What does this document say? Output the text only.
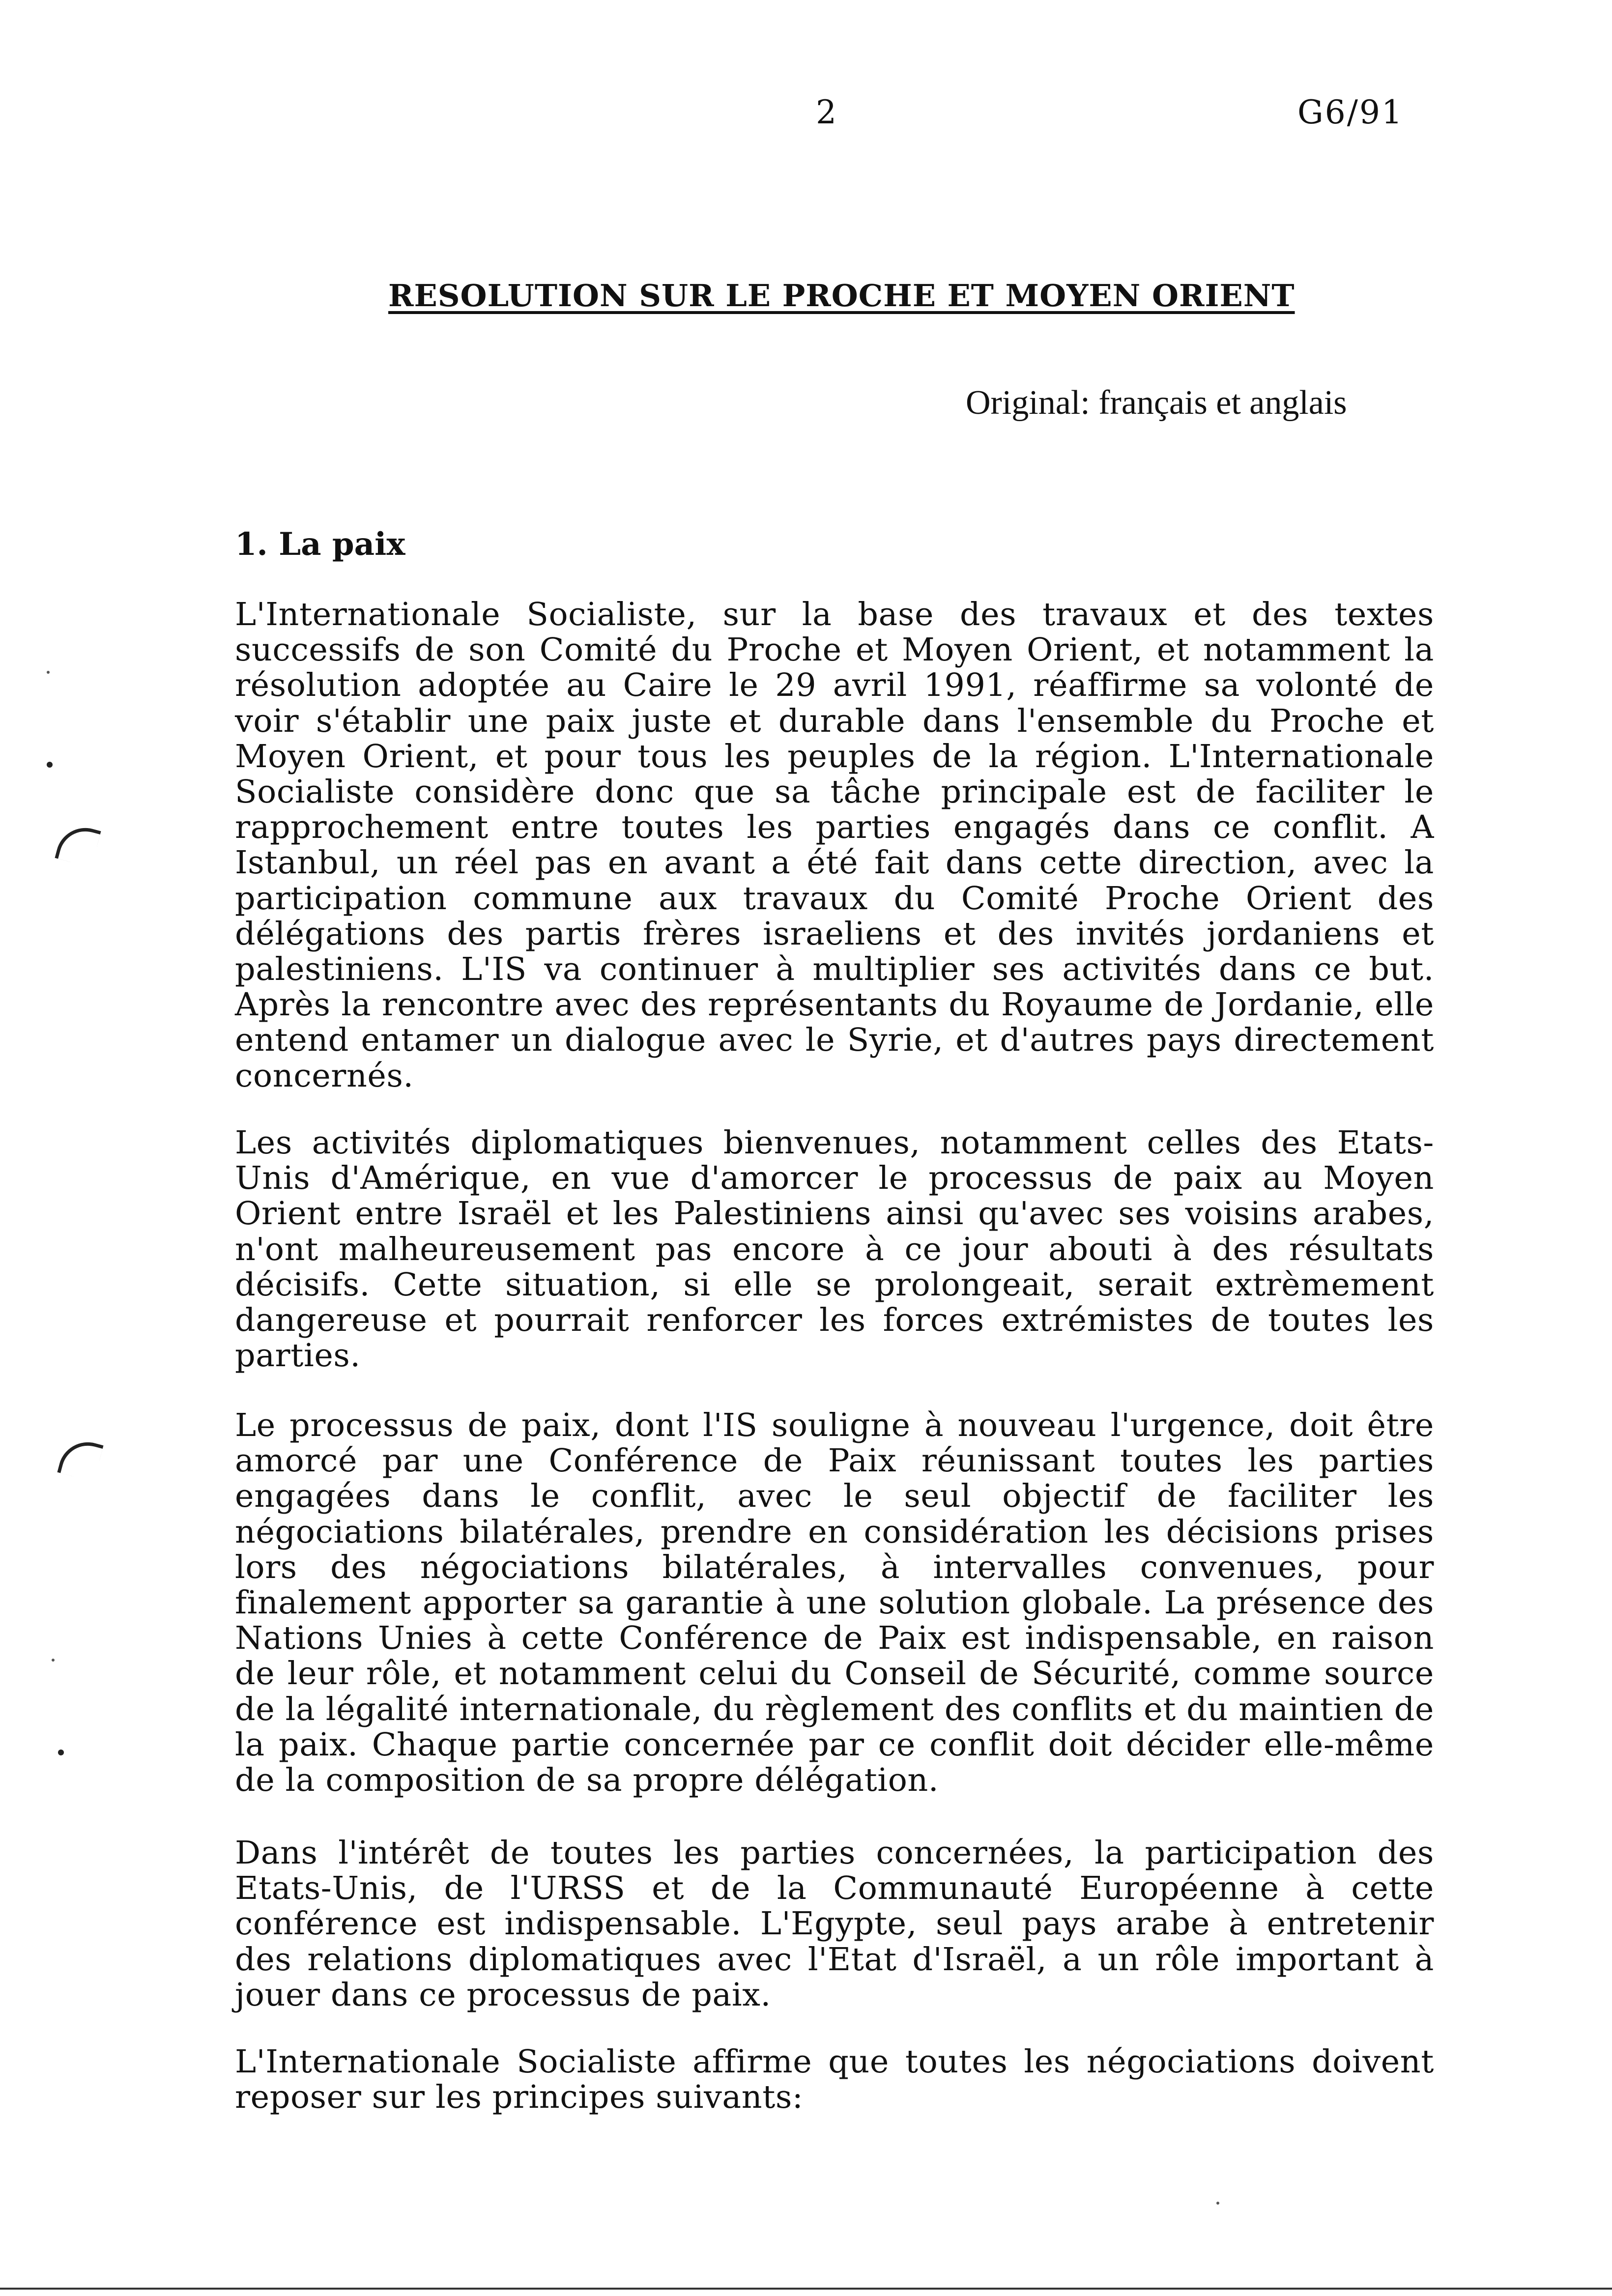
2	G6/91
RESOLUTION SUR LE PROCHE ET MOYEN ORIENT
Original: français et anglais
1. La paix

L'Internationale Socialiste, sur la base des travaux et des textes successifs de son Comité du Proche et Moyen Orient, et notamment la résolution adoptée au Caire le 29 avril 1991, réaffirme sa volonté de voir s'établir une paix juste et durable dans l'ensemble du Proche et Moyen Orient, et pour tous les peuples de la région. L'Internationale Socialiste considère donc que sa tâche principale est de faciliter le rapprochement entre toutes les parties engagés dans ce conflit. A Istanbul, un réel pas en avant a été fait dans cette direction, avec la participation commune aux travaux du Comité Proche Orient des délégations des partis frères israeliens et des invités jordaniens et palestiniens. L'IS va continuer à multiplier ses activités dans ce but. Après la rencontre avec des représentants du Royaume de Jordanie, elle entend entamer un dialogue avec le Syrie, et d'autres pays directement concernés.

Les activités diplomatiques bienvenues, notamment celles des Etats-Unis d'Amérique, en vue d'amorcer le processus de paix au Moyen Orient entre Israël et les Palestiniens ainsi qu'avec ses voisins arabes, n'ont malheureusement pas encore à ce jour abouti à des résultats décisifs. Cette situation, si elle se prolongeait, serait extrèmement dangereuse et pourrait renforcer les forces extrémistes de toutes les parties.

Le processus de paix, dont l'IS souligne à nouveau l'urgence, doit être amorcé par une Conférence de Paix réunissant toutes les parties engagées dans le conflit, avec le seul objectif de faciliter les négociations bilatérales, prendre en considération les décisions prises lors des négociations bilatérales, à intervalles convenues, pour finalement apporter sa garantie à une solution globale. La présence des Nations Unies à cette Conférence de Paix est indispensable, en raison de leur rôle, et notamment celui du Conseil de Sécurité, comme source de la légalité internationale, du règlement des conflits et du maintien de la paix. Chaque partie concernée par ce conflit doit décider elle-même de la composition de sa propre délégation.

Dans l'intérêt de toutes les parties concernées, la participation des Etats-Unis, de l'URSS et de la Communauté Européenne à cette conférence est indispensable. L'Egypte, seul pays arabe à entretenir des relations diplomatiques avec l'Etat d'Israël, a un rôle important à jouer dans ce processus de paix.

L'Internationale Socialiste affirme que toutes les négociations doivent reposer sur les principes suivants:
